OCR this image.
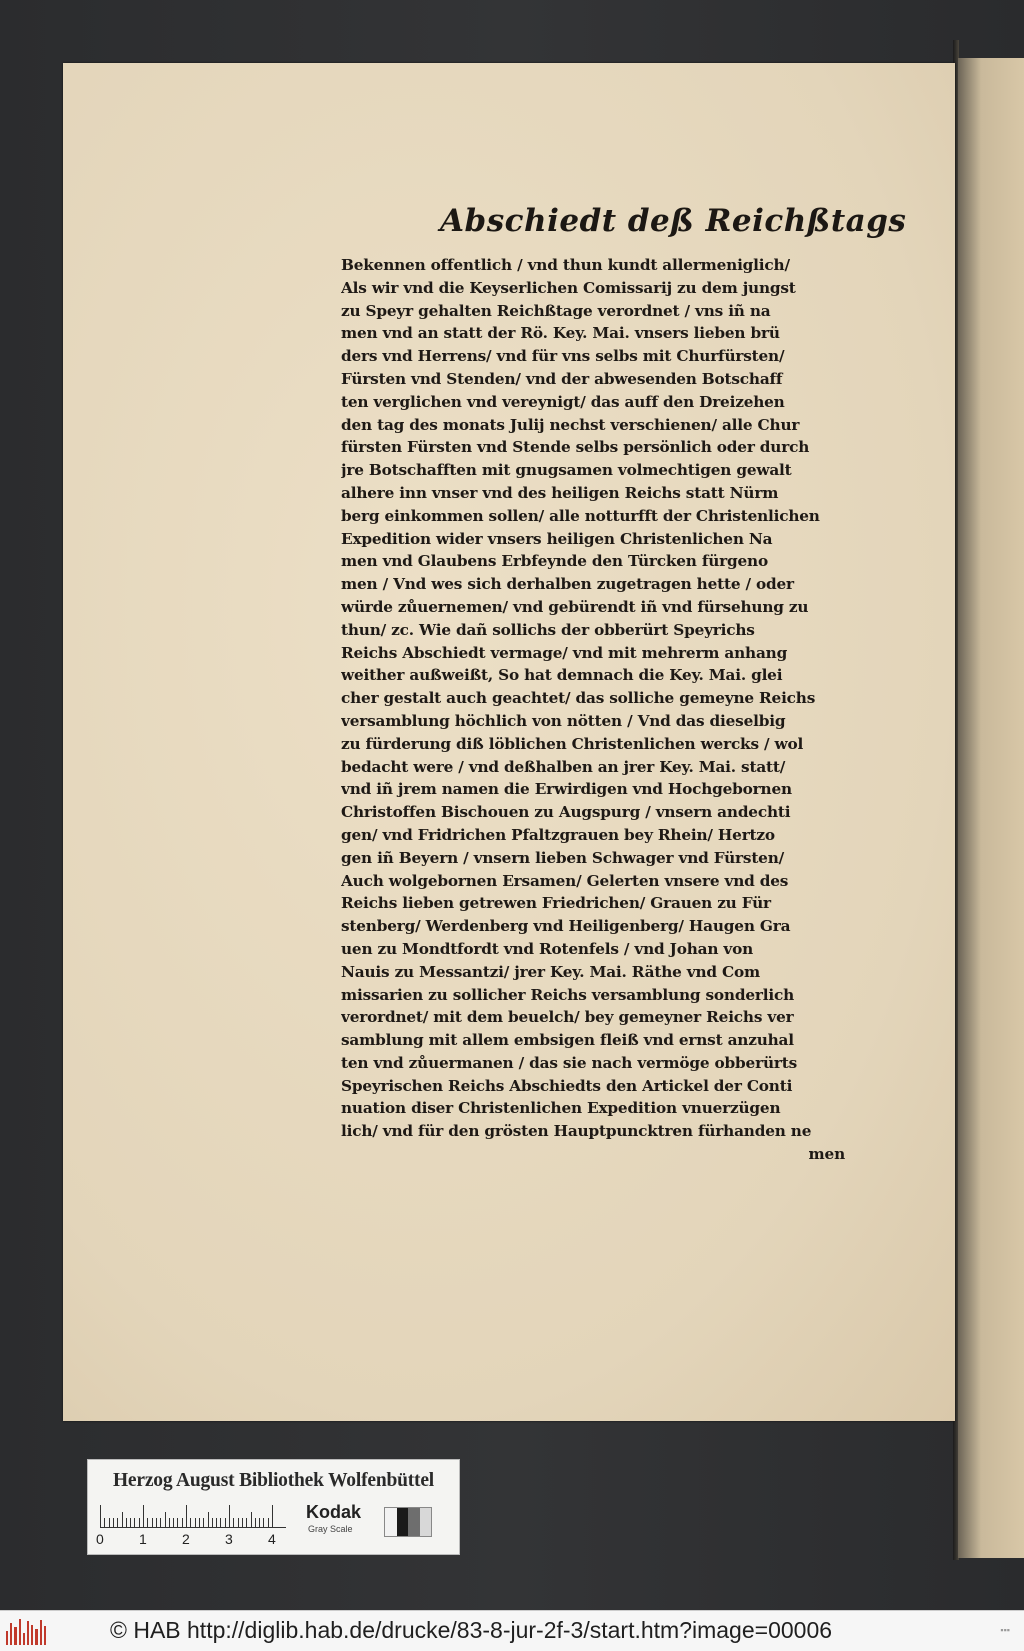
Abschiedt deß Reichßtags
Bekennen offentlich / vnd thun kundt allermeniglich/
Als wir vnd die Keyserlichen Comissarij zu dem jungst
zu Speyr gehalten Reichßtage verordnet / vns iñ na
men vnd an statt der Rö. Key. Mai. vnsers lieben brü
ders vnd Herrens/ vnd für vns selbs mit Churfürsten/
Fürsten vnd Stenden/ vnd der abwesenden Botschaff
ten verglichen vnd vereynigt/ das auff den Dreizehen
den tag des monats Julij nechst verschienen/ alle Chur
fürsten Fürsten vnd Stende selbs persönlich oder durch
jre Botschafften mit gnugsamen volmechtigen gewalt
alhere inn vnser vnd des heiligen Reichs statt Nürm
berg einkommen sollen/ alle notturfft der Christenlichen
Expedition wider vnsers heiligen Christenlichen Na
men vnd Glaubens Erbfeynde den Türcken fürgeno
men / Vnd wes sich derhalben zugetragen hette / oder
würde zůuernemen/ vnd gebürendt iñ vnd fürsehung zu
thun/ zc. Wie dañ sollichs der obberürt Speyrichs
Reichs Abschiedt vermage/ vnd mit mehrerm anhang
weither außweißt, So hat demnach die Key. Mai. glei
cher gestalt auch geachtet/ das solliche gemeyne Reichs
versamblung höchlich von nötten / Vnd das dieselbig
zu fürderung diß löblichen Christenlichen wercks / wol
bedacht were / vnd deßhalben an jrer Key. Mai. statt/
vnd iñ jrem namen die Erwirdigen vnd Hochgebornen
Christoffen Bischouen zu Augspurg / vnsern andechti
gen/ vnd Fridrichen Pfaltzgrauen bey Rhein/ Hertzo
gen iñ Beyern / vnsern lieben Schwager vnd Fürsten/
Auch wolgebornen Ersamen/ Gelerten vnsere vnd des
Reichs lieben getrewen Friedrichen/ Grauen zu Für
stenberg/ Werdenberg vnd Heiligenberg/ Haugen Gra
uen zu Mondtfordt vnd Rotenfels / vnd Johan von
Nauis zu Messantzi/ jrer Key. Mai. Räthe vnd Com
missarien zu sollicher Reichs versamblung sonderlich
verordnet/ mit dem beuelch/ bey gemeyner Reichs ver
samblung mit allem embsigen fleiß vnd ernst anzuhal
ten vnd zůuermanen / das sie nach vermöge obberürts
Speyrischen Reichs Abschiedts den Artickel der Conti
nuation diser Christenlichen Expedition vnuerzügen
lich/ vnd für den grösten Hauptpuncktren fürhanden ne
men
Herzog August Bibliothek Wolfenbüttel
0	1	2	3	4
Kodak
Gray Scale
© HAB http://diglib.hab.de/drucke/83-8-jur-2f-3/start.htm?image=00006	▪▪▪
